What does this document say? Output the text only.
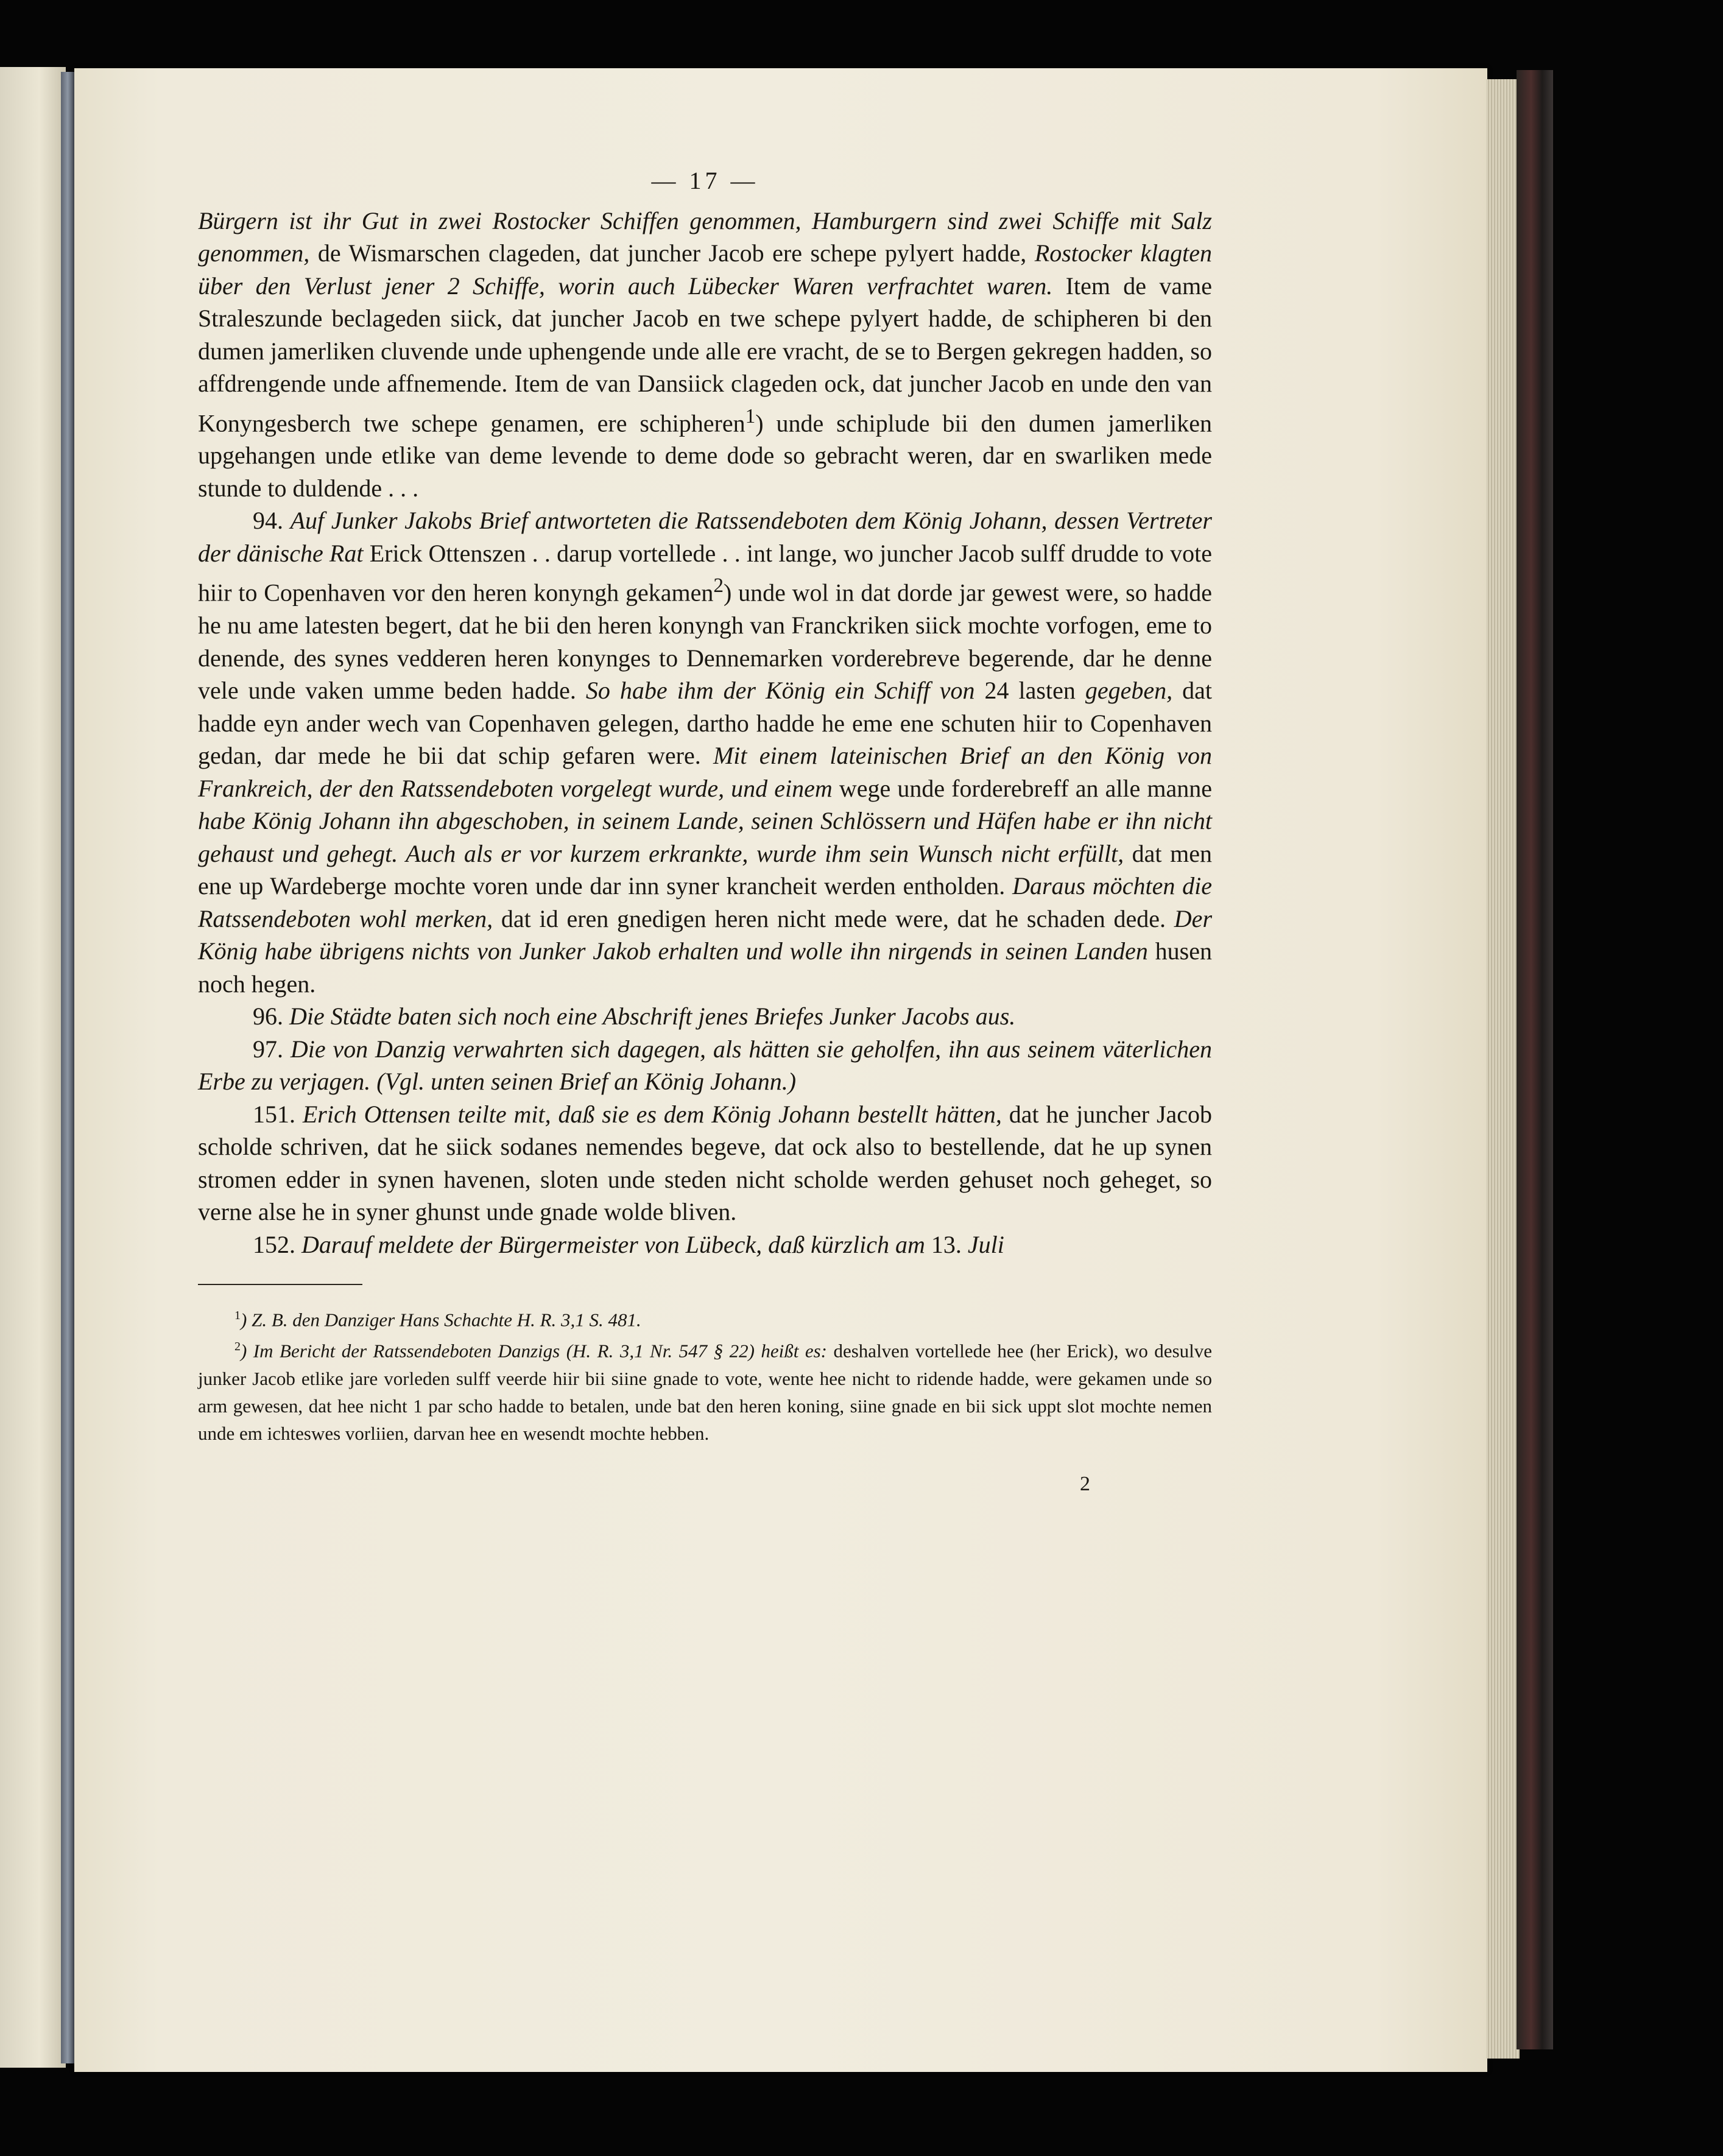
— 17 —

Bürgern ist ihr Gut in zwei Rostocker Schiffen genommen, Hamburgern sind zwei Schiffe mit Salz genommen, de Wismarschen clageden, dat juncher Jacob ere schepe pylyert hadde, Rostocker klagten über den Verlust jener 2 Schiffe, worin auch Lübecker Waren verfrachtet waren. Item de vame Straleszunde beclageden siick, dat juncher Jacob en twe schepe pylyert hadde, de schipheren bi den dumen jamerliken cluvende unde uphengende unde alle ere vracht, de se to Bergen gekregen hadden, so affdrengende unde affnemende. Item de van Dansiick clageden ock, dat juncher Jacob en unde den van Konyngesberch twe schepe genamen, ere schipheren$^1$) unde schiplude bii den dumen jamerliken upgehangen unde etlike van deme levende to deme dode so gebracht weren, dar en swarliken mede stunde to duldende . . .

94. Auf Junker Jakobs Brief antworteten die Ratssendeboten dem König Johann, dessen Vertreter der dänische Rat Erick Ottenszen . . darup vortellede . . int lange, wo juncher Jacob sulff drudde to vote hiir to Copenhaven vor den heren konyngh gekamen$^2$) unde wol in dat dorde jar gewest were, so hadde he nu ame latesten begert, dat he bii den heren konyngh van Franckriken siick mochte vorfogen, eme to denende, des synes vedderen heren konynges to Dennemarken vorderebreve begerende, dar he denne vele unde vaken umme beden hadde. So habe ihm der König ein Schiff von 24 lasten gegeben, dat hadde eyn ander wech van Copenhaven gelegen, dartho hadde he eme ene schuten hiir to Copenhaven gedan, dar mede he bii dat schip gefaren were. Mit einem lateinischen Brief an den König von Frankreich, der den Ratssendeboten vorgelegt wurde, und einem wege unde forderebreff an alle manne habe König Johann ihn abgeschoben, in seinem Lande, seinen Schlössern und Häfen habe er ihn nicht gehaust und gehegt. Auch als er vor kurzem erkrankte, wurde ihm sein Wunsch nicht erfüllt, dat men ene up Wardeberge mochte voren unde dar inn syner krancheit werden entholden. Daraus möchten die Ratssendeboten wohl merken, dat id eren gnedigen heren nicht mede were, dat he schaden dede. Der König habe übrigens nichts von Junker Jakob erhalten und wolle ihn nirgends in seinen Landen husen noch hegen.

96. Die Städte baten sich noch eine Abschrift jenes Briefes Junker Jacobs aus.

97. Die von Danzig verwahrten sich dagegen, als hätten sie geholfen, ihn aus seinem väterlichen Erbe zu verjagen. (Vgl. unten seinen Brief an König Johann.)

151. Erich Ottensen teilte mit, daß sie es dem König Johann bestellt hätten, dat he juncher Jacob scholde schriven, dat he siick sodanes nemendes begeve, dat ock also to bestellende, dat he up synen stromen edder in synen havenen, sloten unde steden nicht scholde werden gehuset noch geheget, so verne alse he in syner ghunst unde gnade wolde bliven.

152. Darauf meldete der Bürgermeister von Lübeck, daß kürzlich am 13. Juli

$^1$) Z. B. den Danziger Hans Schachte H. R. 3,1 S. 481.

$^2$) Im Bericht der Ratssendeboten Danzigs (H. R. 3,1 Nr. 547 § 22) heißt es: deshalven vortellede hee (her Erick), wo desulve junker Jacob etlike jare vorleden sulff veerde hiir bii siine gnade to vote, wente hee nicht to ridende hadde, were gekamen unde so arm gewesen, dat hee nicht 1 par scho hadde to betalen, unde bat den heren koning, siine gnade en bii sick uppt slot mochte nemen unde em ichteswes vorliien, darvan hee en wesendt mochte hebben.

2
